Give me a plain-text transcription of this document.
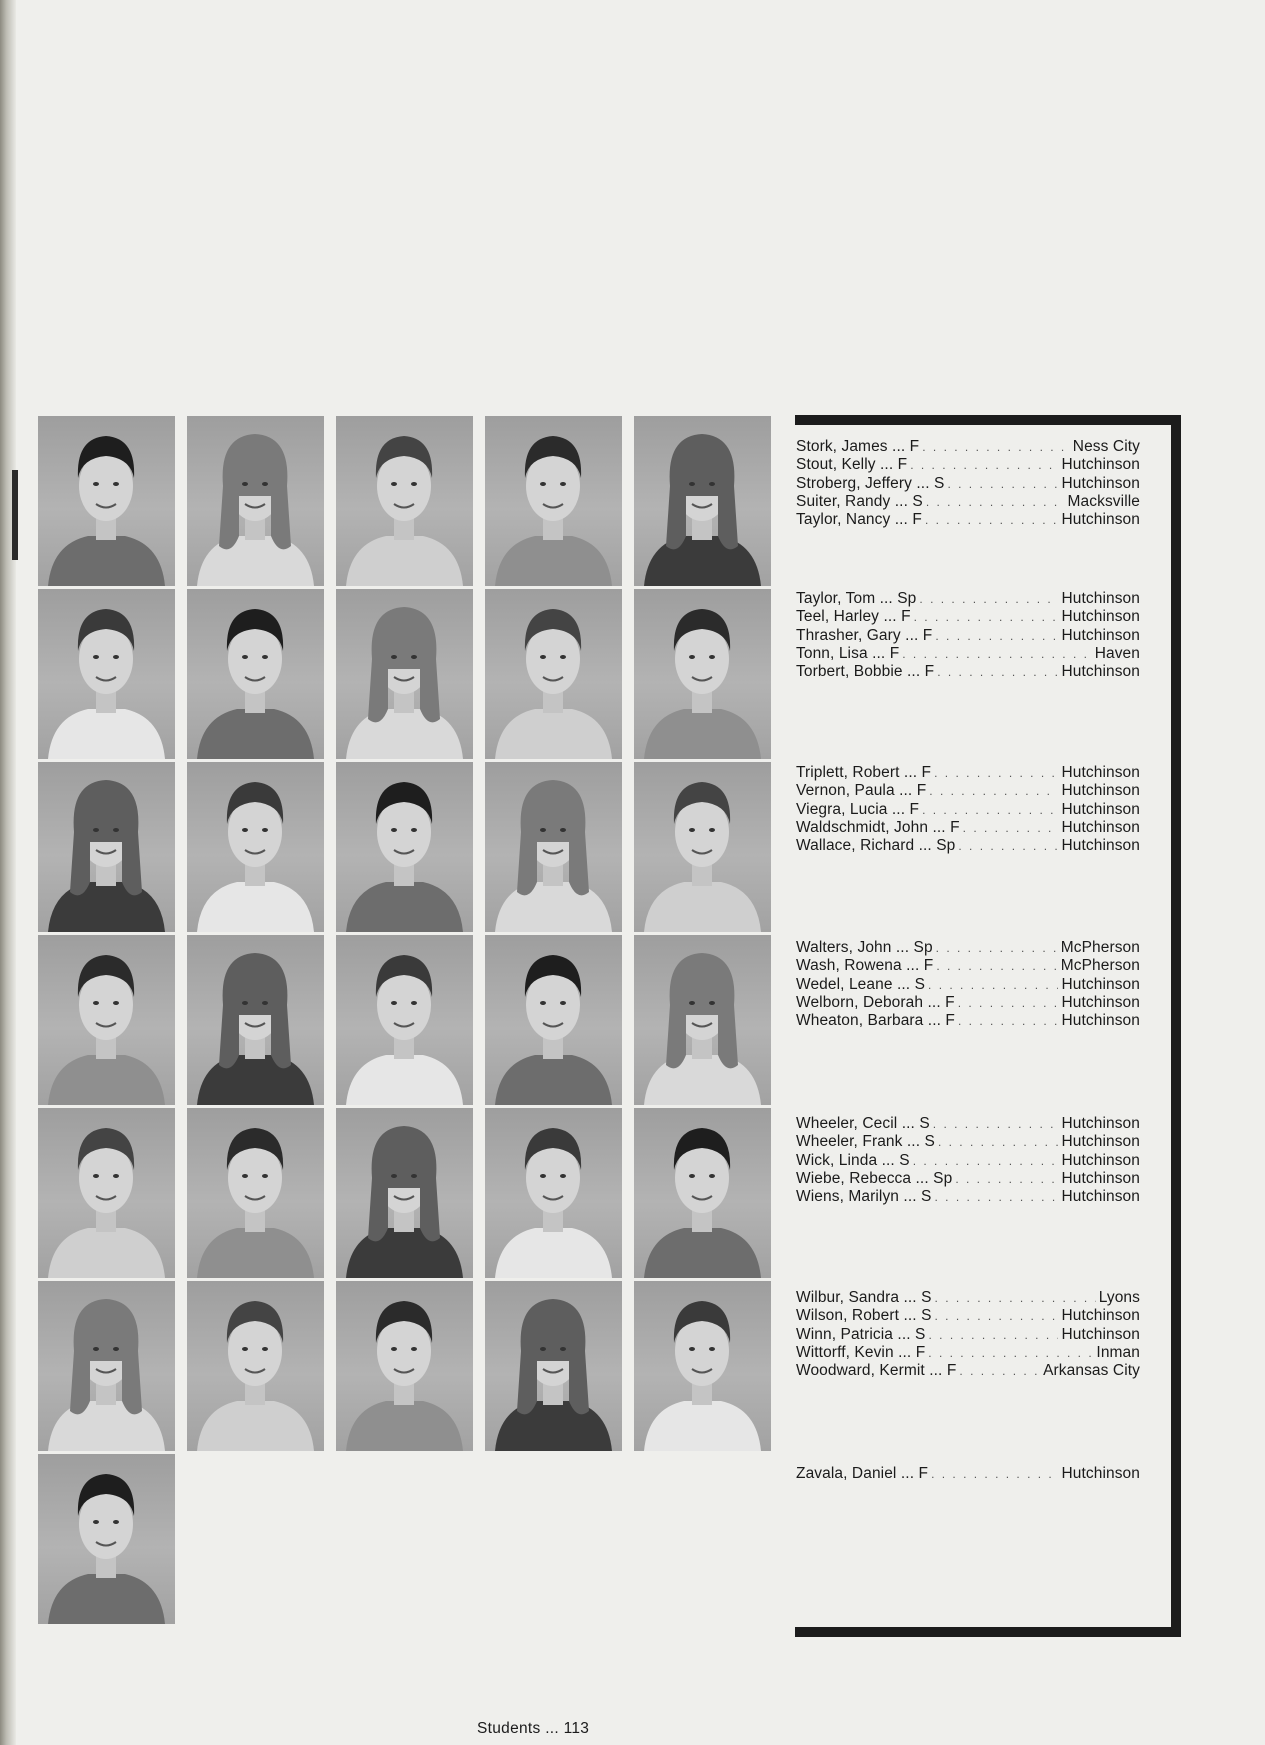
Stork, James ... F . . .	Ness City
Stout, Kelly ... F . . .	Hutchinson
Stroberg, Jeffery ... S . . .	Hutchinson
Suiter, Randy ... S . . .	Macksville
Taylor, Nancy ... F . . .	Hutchinson
Taylor, Tom ... Sp . . .	Hutchinson
Teel, Harley ... F . . .	Hutchinson
Thrasher, Gary ... F . . .	Hutchinson
Tonn, Lisa ... F . . .	Haven
Torbert, Bobbie ... F . . .	Hutchinson
Triplett, Robert ... F . . .	Hutchinson
Vernon, Paula ... F . . .	Hutchinson
Viegra, Lucia ... F . . .	Hutchinson
Waldschmidt, John ... F . . .	Hutchinson
Wallace, Richard ... Sp . . .	Hutchinson
Walters, John ... Sp . . .	McPherson
Wash, Rowena ... F . . .	McPherson
Wedel, Leane ... S . . .	Hutchinson
Welborn, Deborah ... F . . .	Hutchinson
Wheaton, Barbara ... F . . .	Hutchinson
Wheeler, Cecil ... S . . .	Hutchinson
Wheeler, Frank ... S . . .	Hutchinson
Wick, Linda ... S . . .	Hutchinson
Wiebe, Rebecca ... Sp . . .	Hutchinson
Wiens, Marilyn ... S . . .	Hutchinson
Wilbur, Sandra ... S . . .	Lyons
Wilson, Robert ... S . . .	Hutchinson
Winn, Patricia ... S . . .	Hutchinson
Wittorff, Kevin ... F . . .	Inman
Woodward, Kermit ... F . . .	Arkansas City
Zavala, Daniel ... F . . .	Hutchinson
Students ... 113
